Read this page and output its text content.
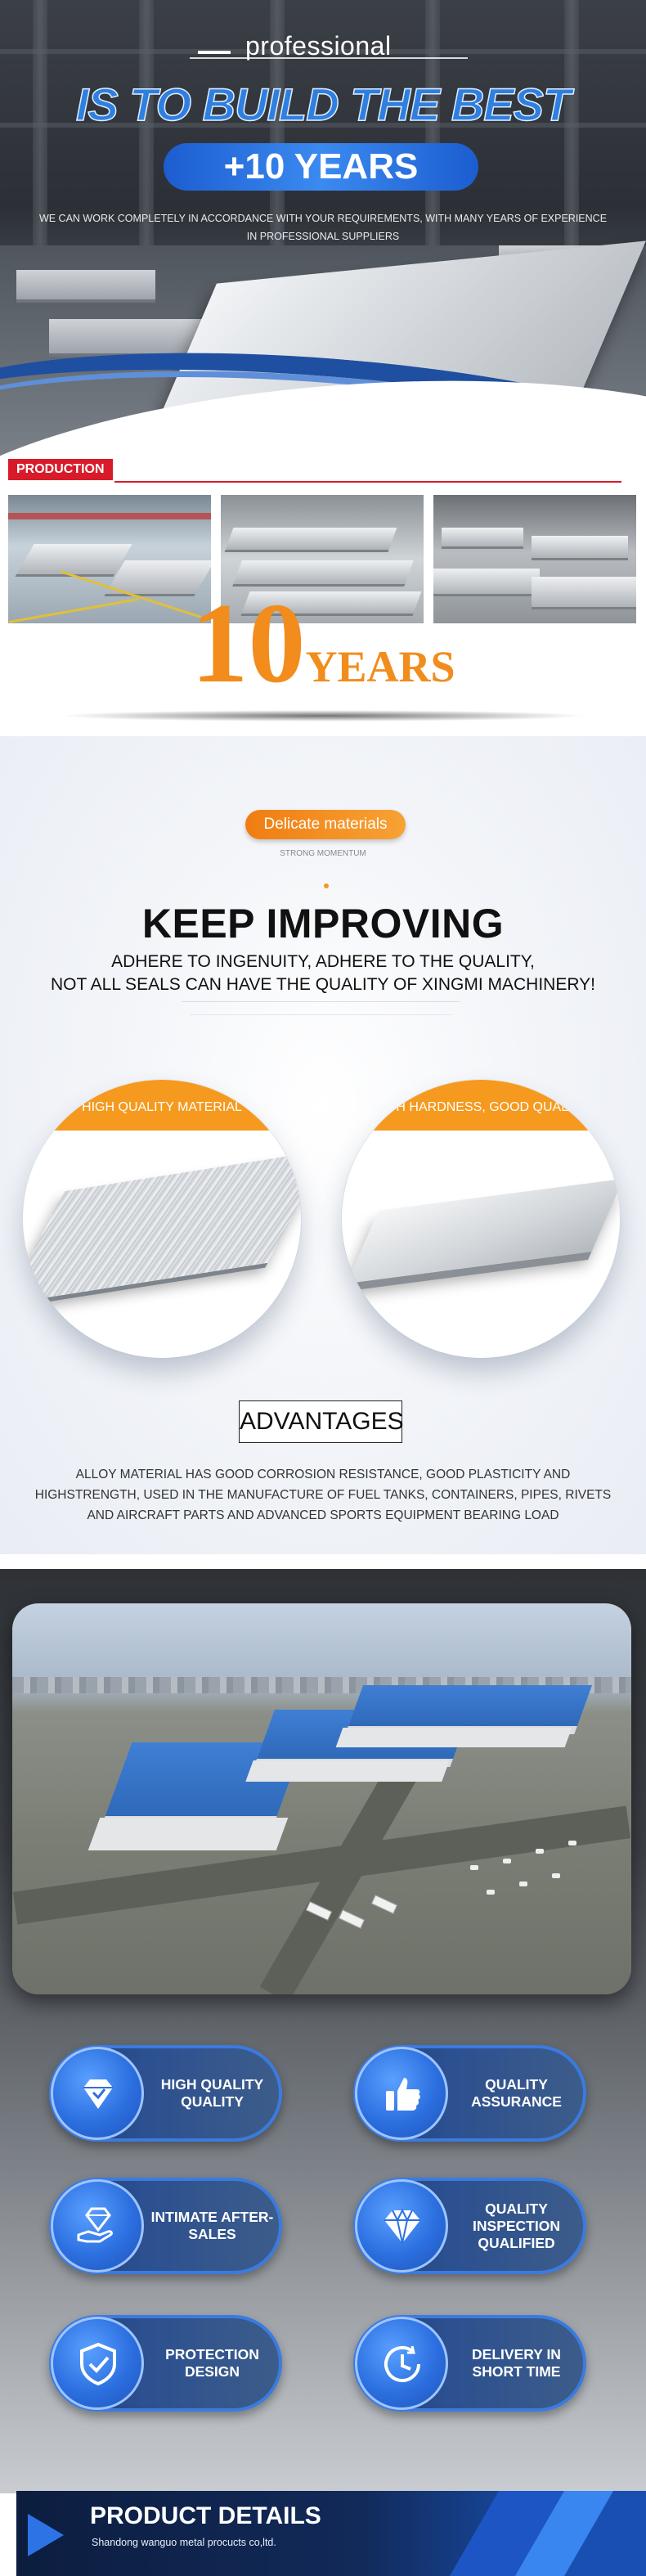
professional
IS TO BUILD THE BEST
+10 YEARS
WE CAN WORK COMPLETELY IN ACCORDANCE WITH YOUR REQUIREMENTS, WITH MANY YEARS OF EXPERIENCE IN PROFESSIONAL SUPPLIERS
PRODUCTION
10YEARS
Delicate materials
STRONG MOMENTUM
KEEP IMPROVING
ADHERE TO INGENUITY, ADHERE TO THE QUALITY,
NOT ALL SEALS CAN HAVE THE QUALITY OF XINGMI MACHINERY!
HIGH QUALITY MATERIAL	HIGH HARDNESS, GOOD QUALITY
ADVANTAGES
ALLOY MATERIAL HAS GOOD CORROSION RESISTANCE, GOOD PLASTICITY AND HIGHSTRENGTH, USED IN THE MANUFACTURE OF FUEL TANKS, CONTAINERS, PIPES, RIVETS AND AIRCRAFT PARTS AND ADVANCED SPORTS EQUIPMENT BEARING LOAD
HIGH QUALITY QUALITY
QUALITY ASSURANCE
INTIMATE AFTER-SALES
QUALITY INSPECTION QUALIFIED
PROTECTION DESIGN
DELIVERY IN SHORT TIME
PRODUCT DETAILS
Shandong wanguo metal procucts co,ltd.
